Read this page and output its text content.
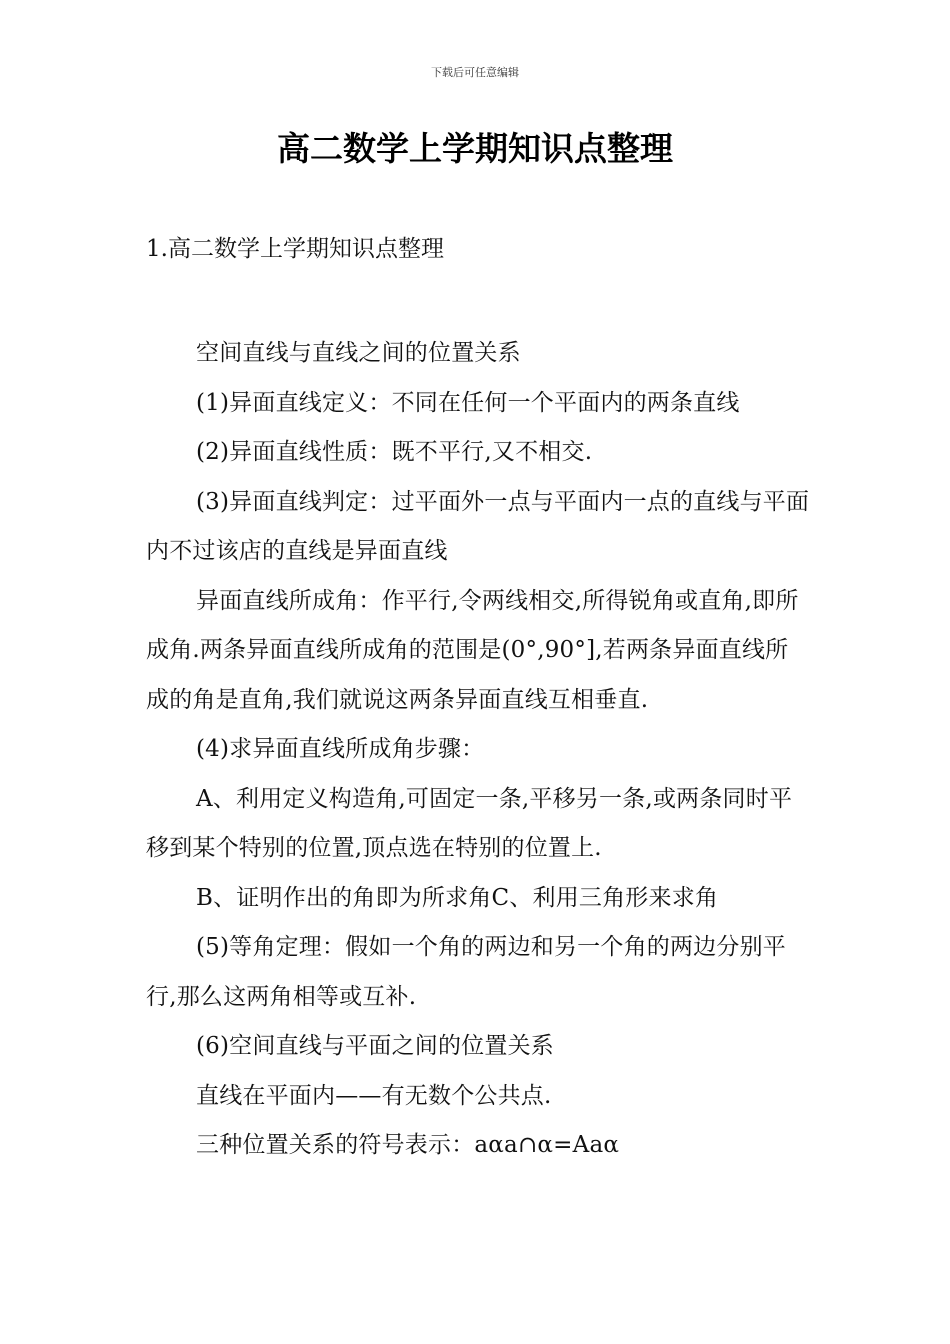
下载后可任意编辑
高二数学上学期知识点整理
1.高二数学上学期知识点整理

空间直线与直线之间的位置关系

(1)异面直线定义：不同在任何一个平面内的两条直线

(2)异面直线性质：既不平行,又不相交.

(3)异面直线判定：过平面外一点与平面内一点的直线与平面内不过该店的直线是异面直线

异面直线所成角：作平行,令两线相交,所得锐角或直角,即所成角.两条异面直线所成角的范围是(0°,90°],若两条异面直线所成的角是直角,我们就说这两条异面直线互相垂直.

(4)求异面直线所成角步骤：

A、利用定义构造角,可固定一条,平移另一条,或两条同时平移到某个特别的位置,顶点选在特别的位置上.

B、证明作出的角即为所求角C、利用三角形来求角

(5)等角定理：假如一个角的两边和另一个角的两边分别平行,那么这两角相等或互补.

(6)空间直线与平面之间的位置关系

直线在平面内——有无数个公共点.

三种位置关系的符号表示：aαa∩α=Aaα
